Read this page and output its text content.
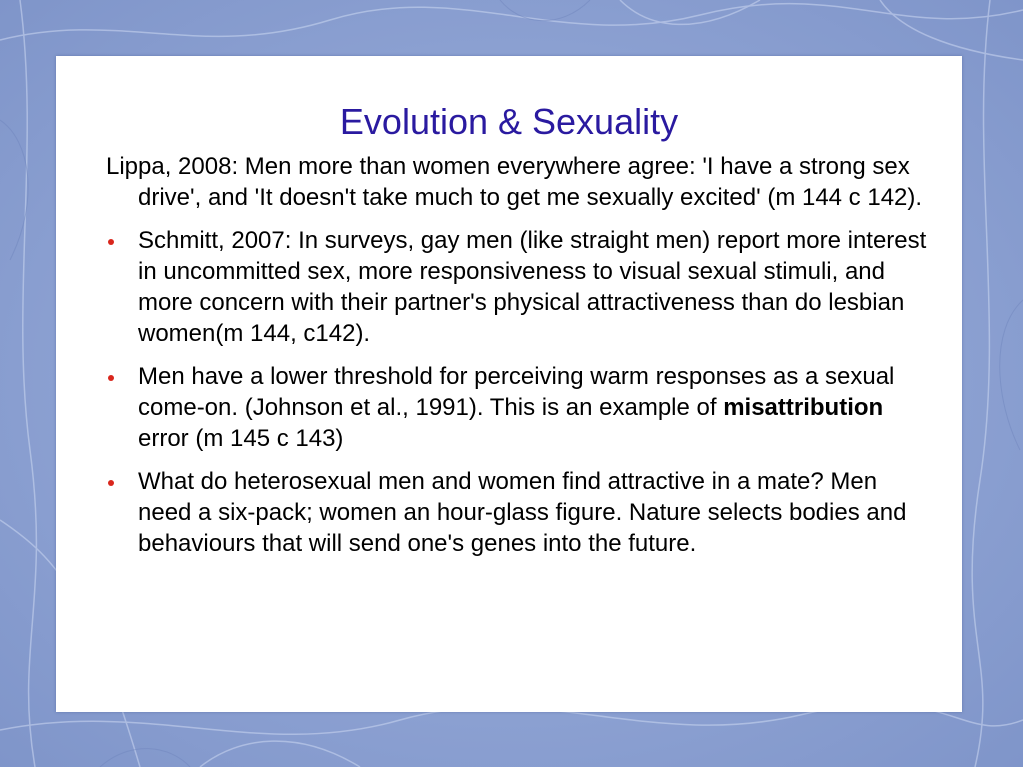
Evolution & Sexuality
Lippa, 2008: Men more than women everywhere agree: 'I have a strong sex drive', and 'It doesn't take much to get me sexually excited' (m 144 c 142).
Schmitt, 2007: In surveys, gay men (like straight men) report more interest in uncommitted sex, more responsiveness to visual sexual stimuli, and more concern with their partner's physical attractiveness than do lesbian women(m 144, c142).
Men have a lower threshold for perceiving warm responses as a sexual come-on. (Johnson et al., 1991). This is an example of misattribution error (m 145 c 143)
What do heterosexual men and women find attractive in a mate? Men need a six-pack; women an hour-glass figure. Nature selects bodies and behaviours that will send one's genes into the future.
